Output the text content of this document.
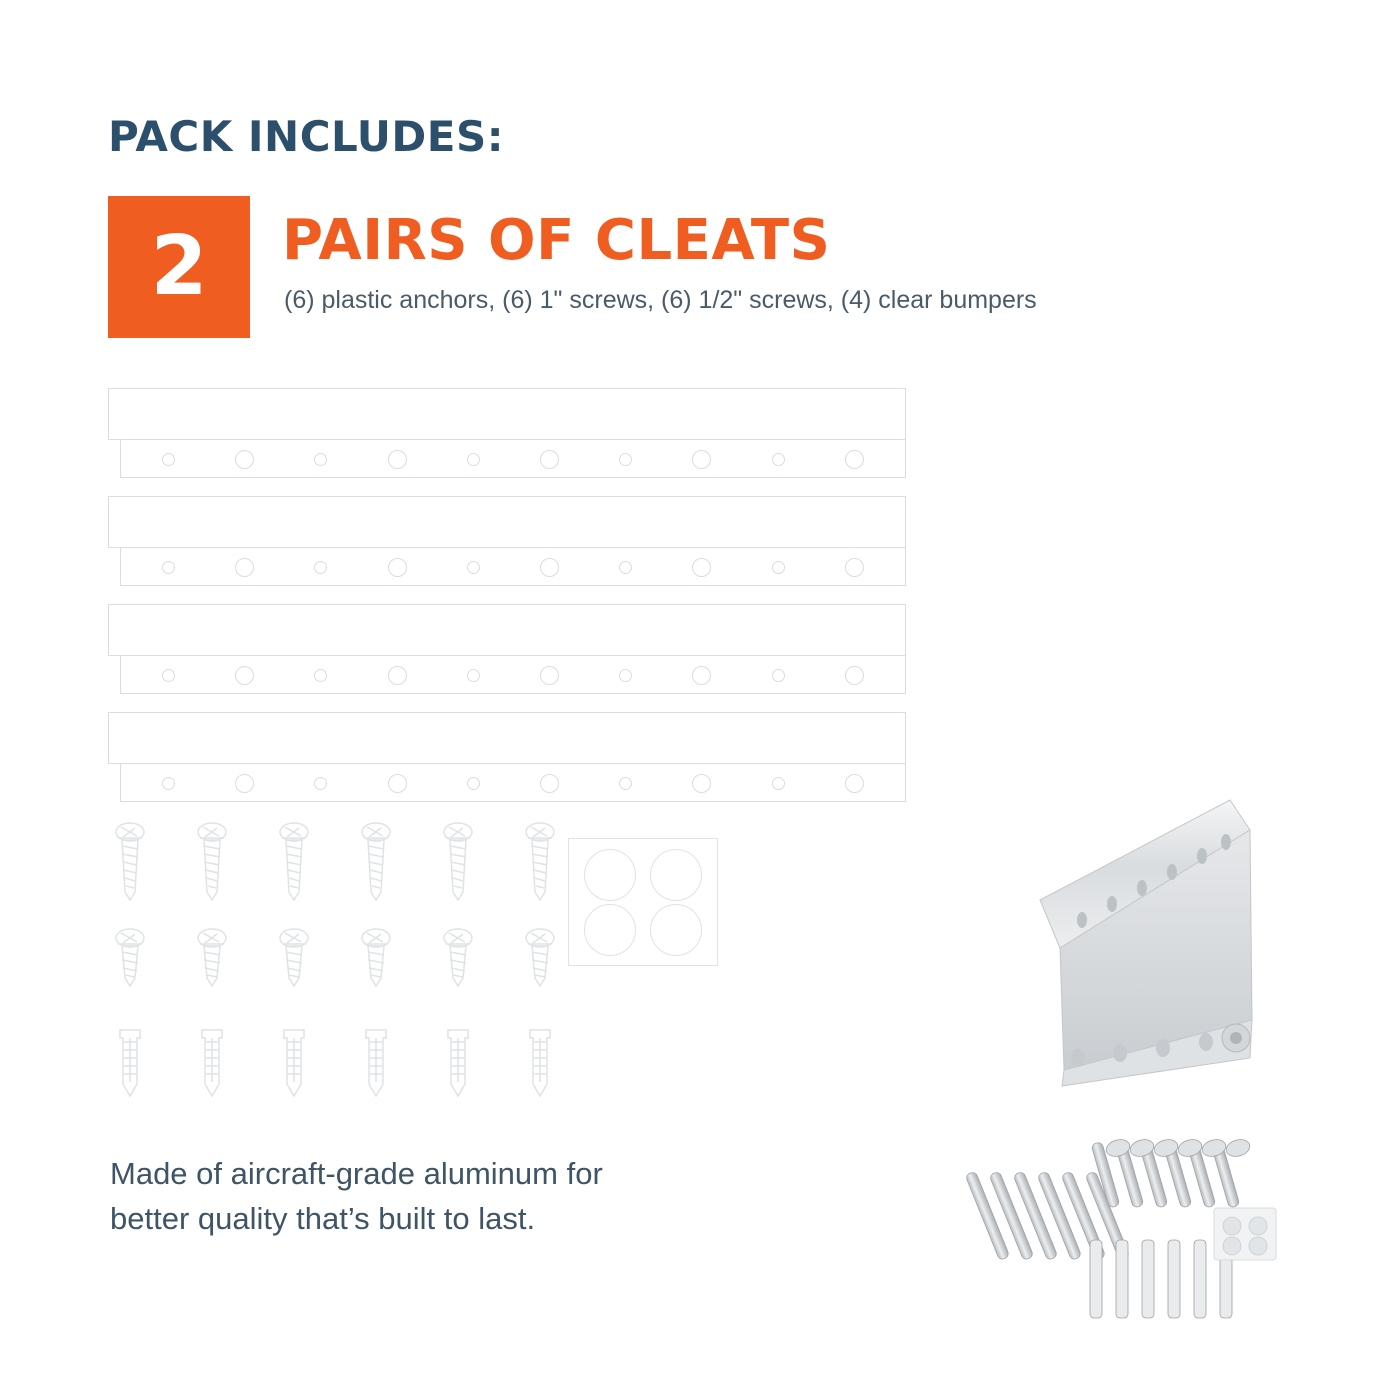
PACK INCLUDES:
2 PAIRS OF CLEATS
(6) plastic anchors, (6) 1" screws, (6) 1/2" screws, (4) clear bumpers
Made of aircraft-grade aluminum for better quality that’s built to last.
